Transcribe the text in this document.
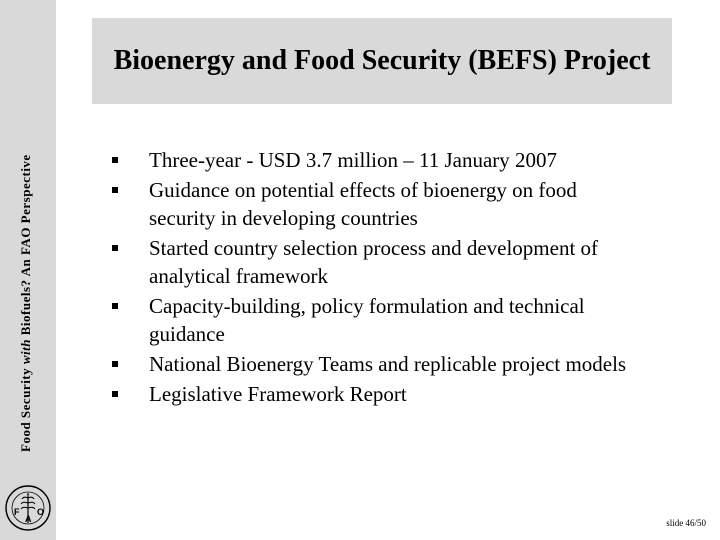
Food Security with Biofuels? An FAO Perspective
F O
A
Bioenergy and Food Security (BEFS) Project
Three-year - USD 3.7 million – 11 January 2007
Guidance on potential effects of bioenergy on food security in developing countries
Started country selection process and development of analytical framework
Capacity-building, policy formulation and technical guidance
National Bioenergy Teams and replicable project models
Legislative Framework Report
slide 46/50
